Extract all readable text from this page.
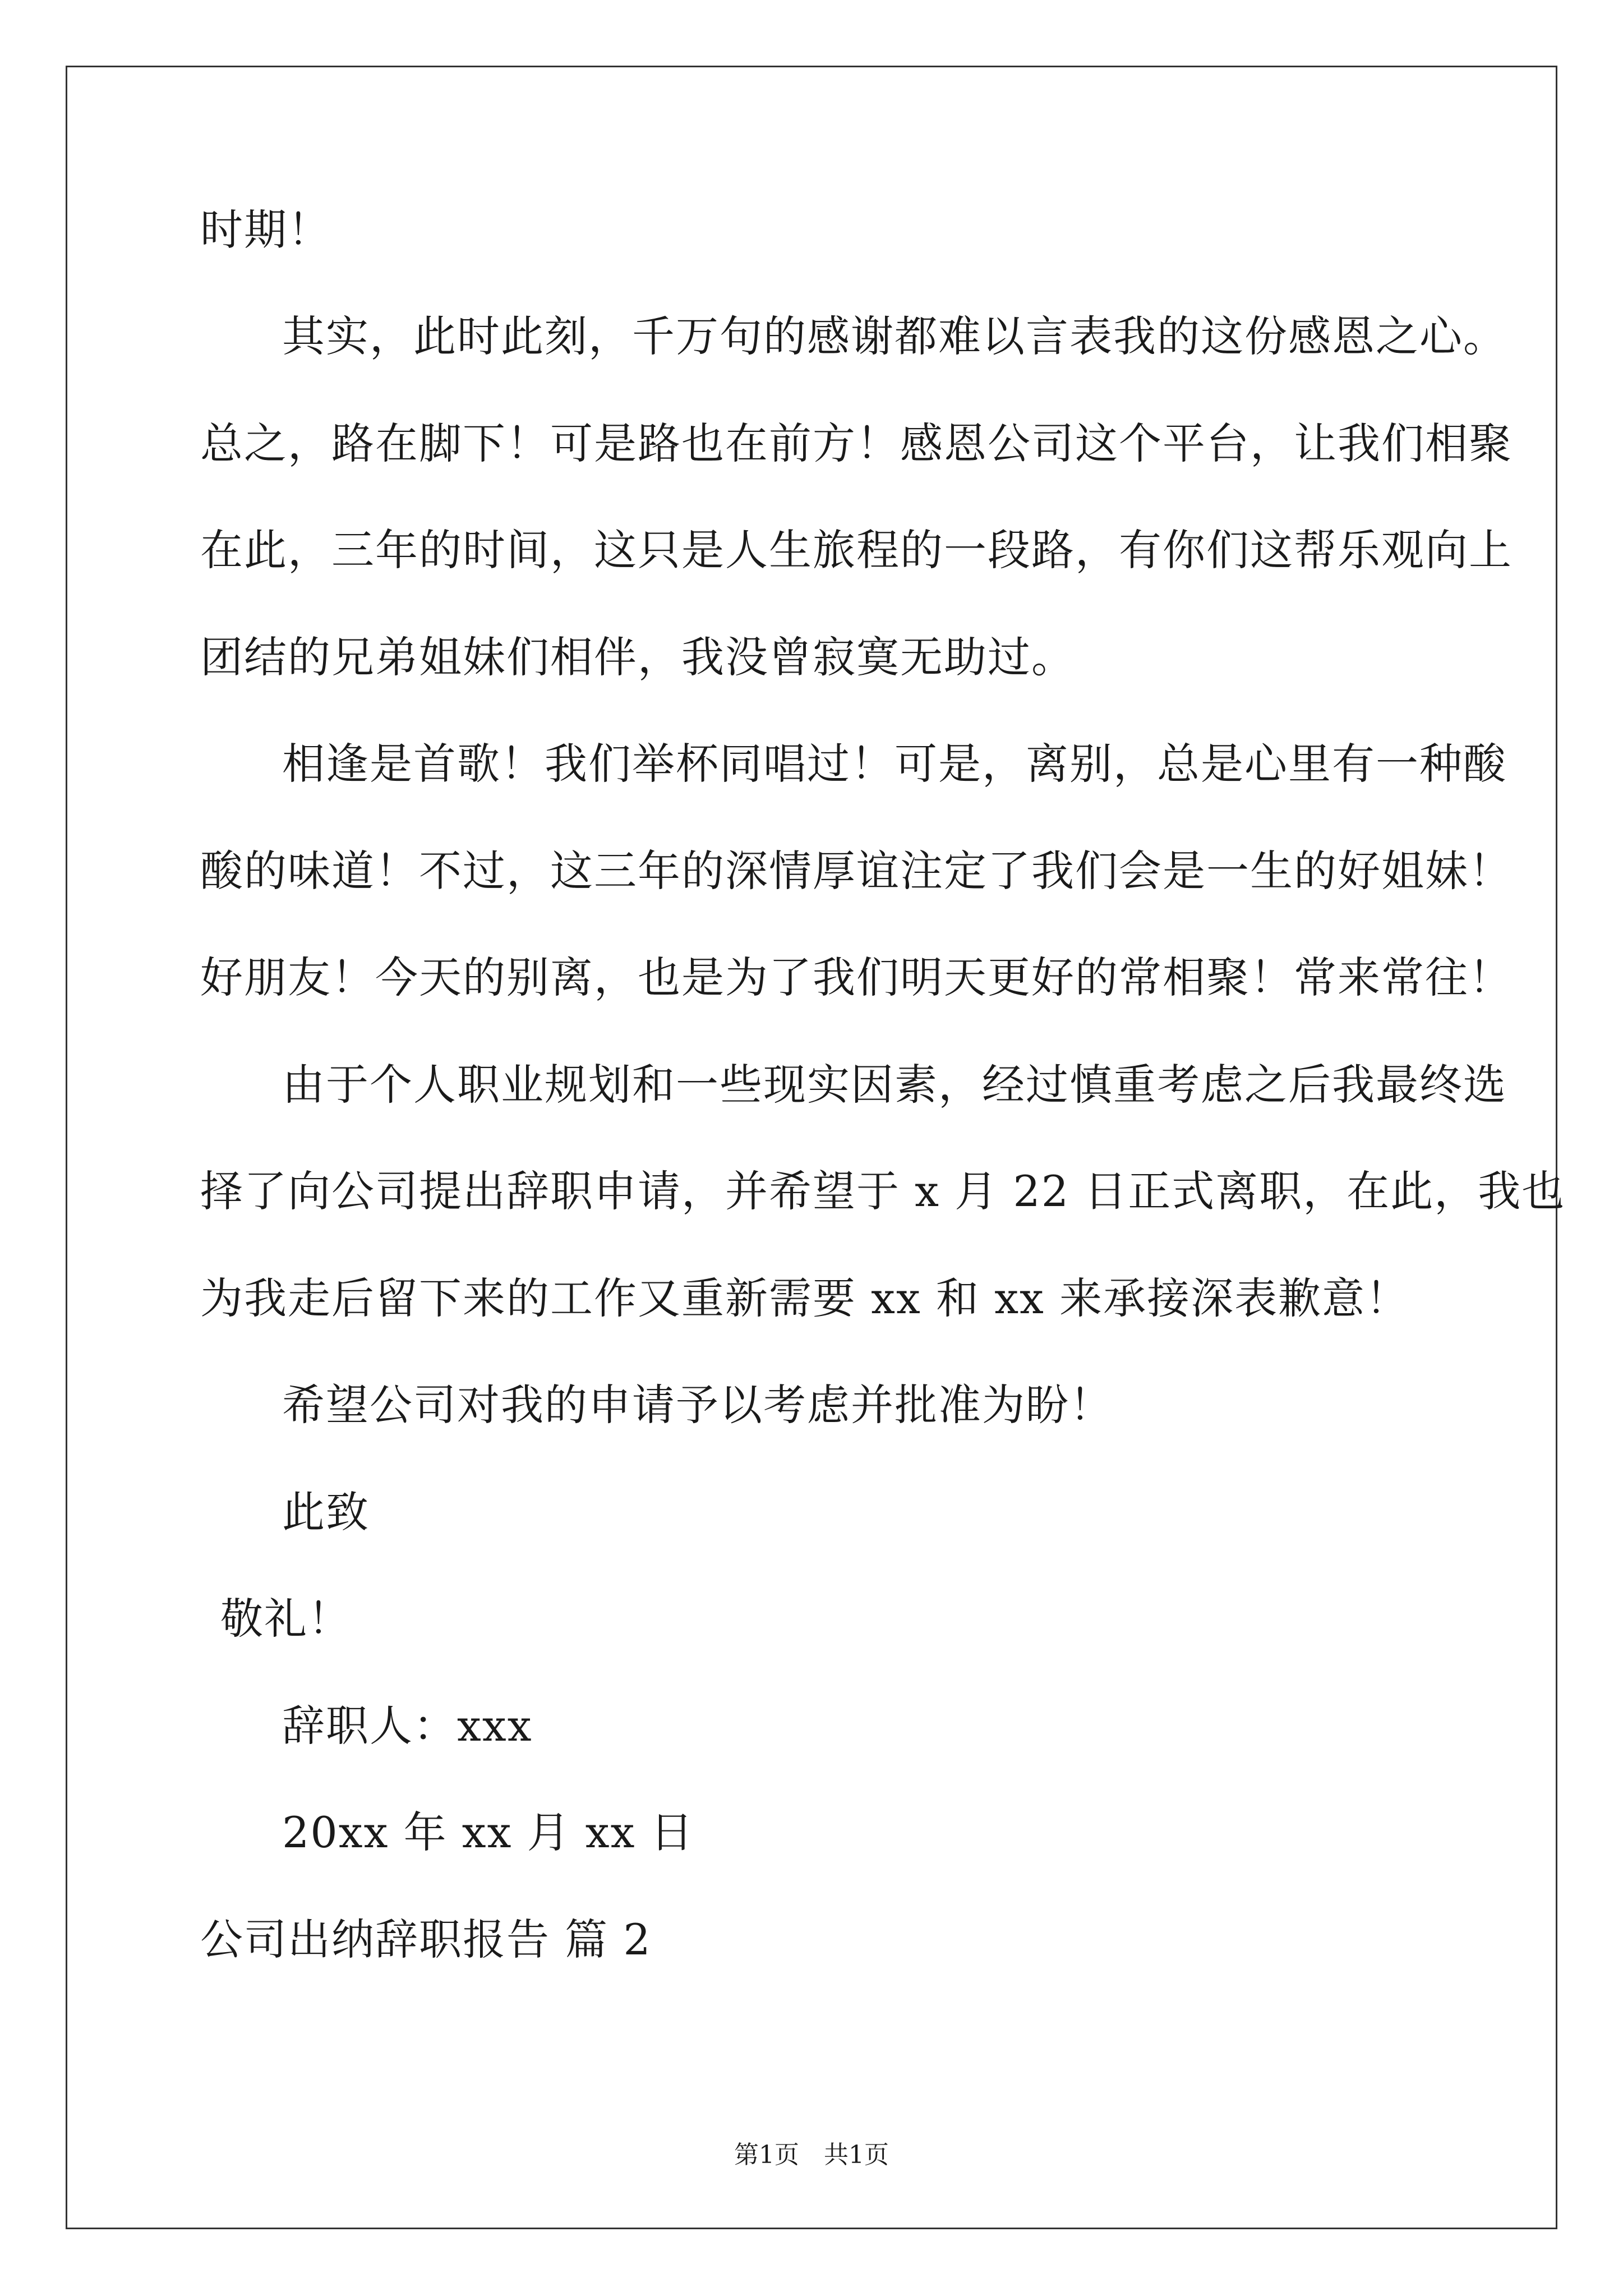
时期！
其实，此时此刻，千万句的感谢都难以言表我的这份感恩之心。
总之，路在脚下！可是路也在前方！感恩公司这个平台，让我们相聚
在此，三年的时间，这只是人生旅程的一段路，有你们这帮乐观向上
团结的兄弟姐妹们相伴，我没曾寂寞无助过。
相逢是首歌！我们举杯同唱过！可是，离别，总是心里有一种酸
酸的味道！不过，这三年的深情厚谊注定了我们会是一生的好姐妹！
好朋友！今天的别离，也是为了我们明天更好的常相聚！常来常往！
由于个人职业规划和一些现实因素，经过慎重考虑之后我最终选
择了向公司提出辞职申请，并希望于 x 月 22 日正式离职，在此，我也
为我走后留下来的工作又重新需要 xx 和 xx 来承接深表歉意！
希望公司对我的申请予以考虑并批准为盼！
此致
敬礼！
辞职人：xxx
20xx 年 xx 月 xx 日
公司出纳辞职报告 篇 2
第1页　共1页
